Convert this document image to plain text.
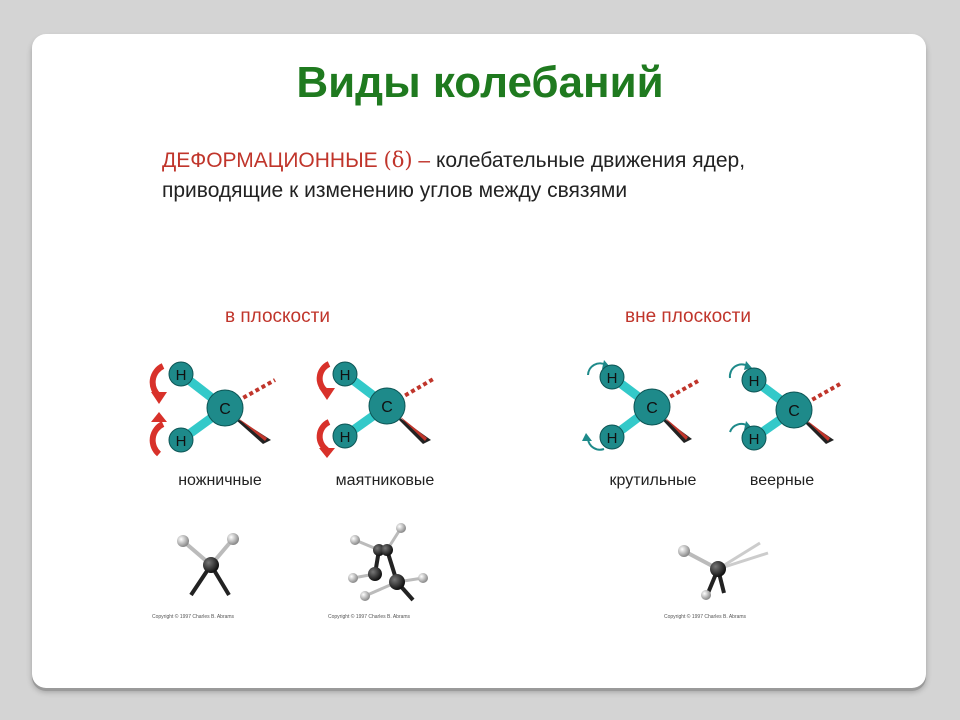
Виды колебаний
ДЕФОРМАЦИОННЫЕ (δ) – колебательные движения ядер,
приводящие к изменению углов между связями
в плоскости	вне плоскости
H
H
C
ножничные
H
H
C
маятниковые
H
H
C
крутильные
H
H
C
веерные
Copyright © 1997 Charles B. Abrams	Copyright © 1997 Charles B. Abrams	Copyright © 1997 Charles B. Abrams
